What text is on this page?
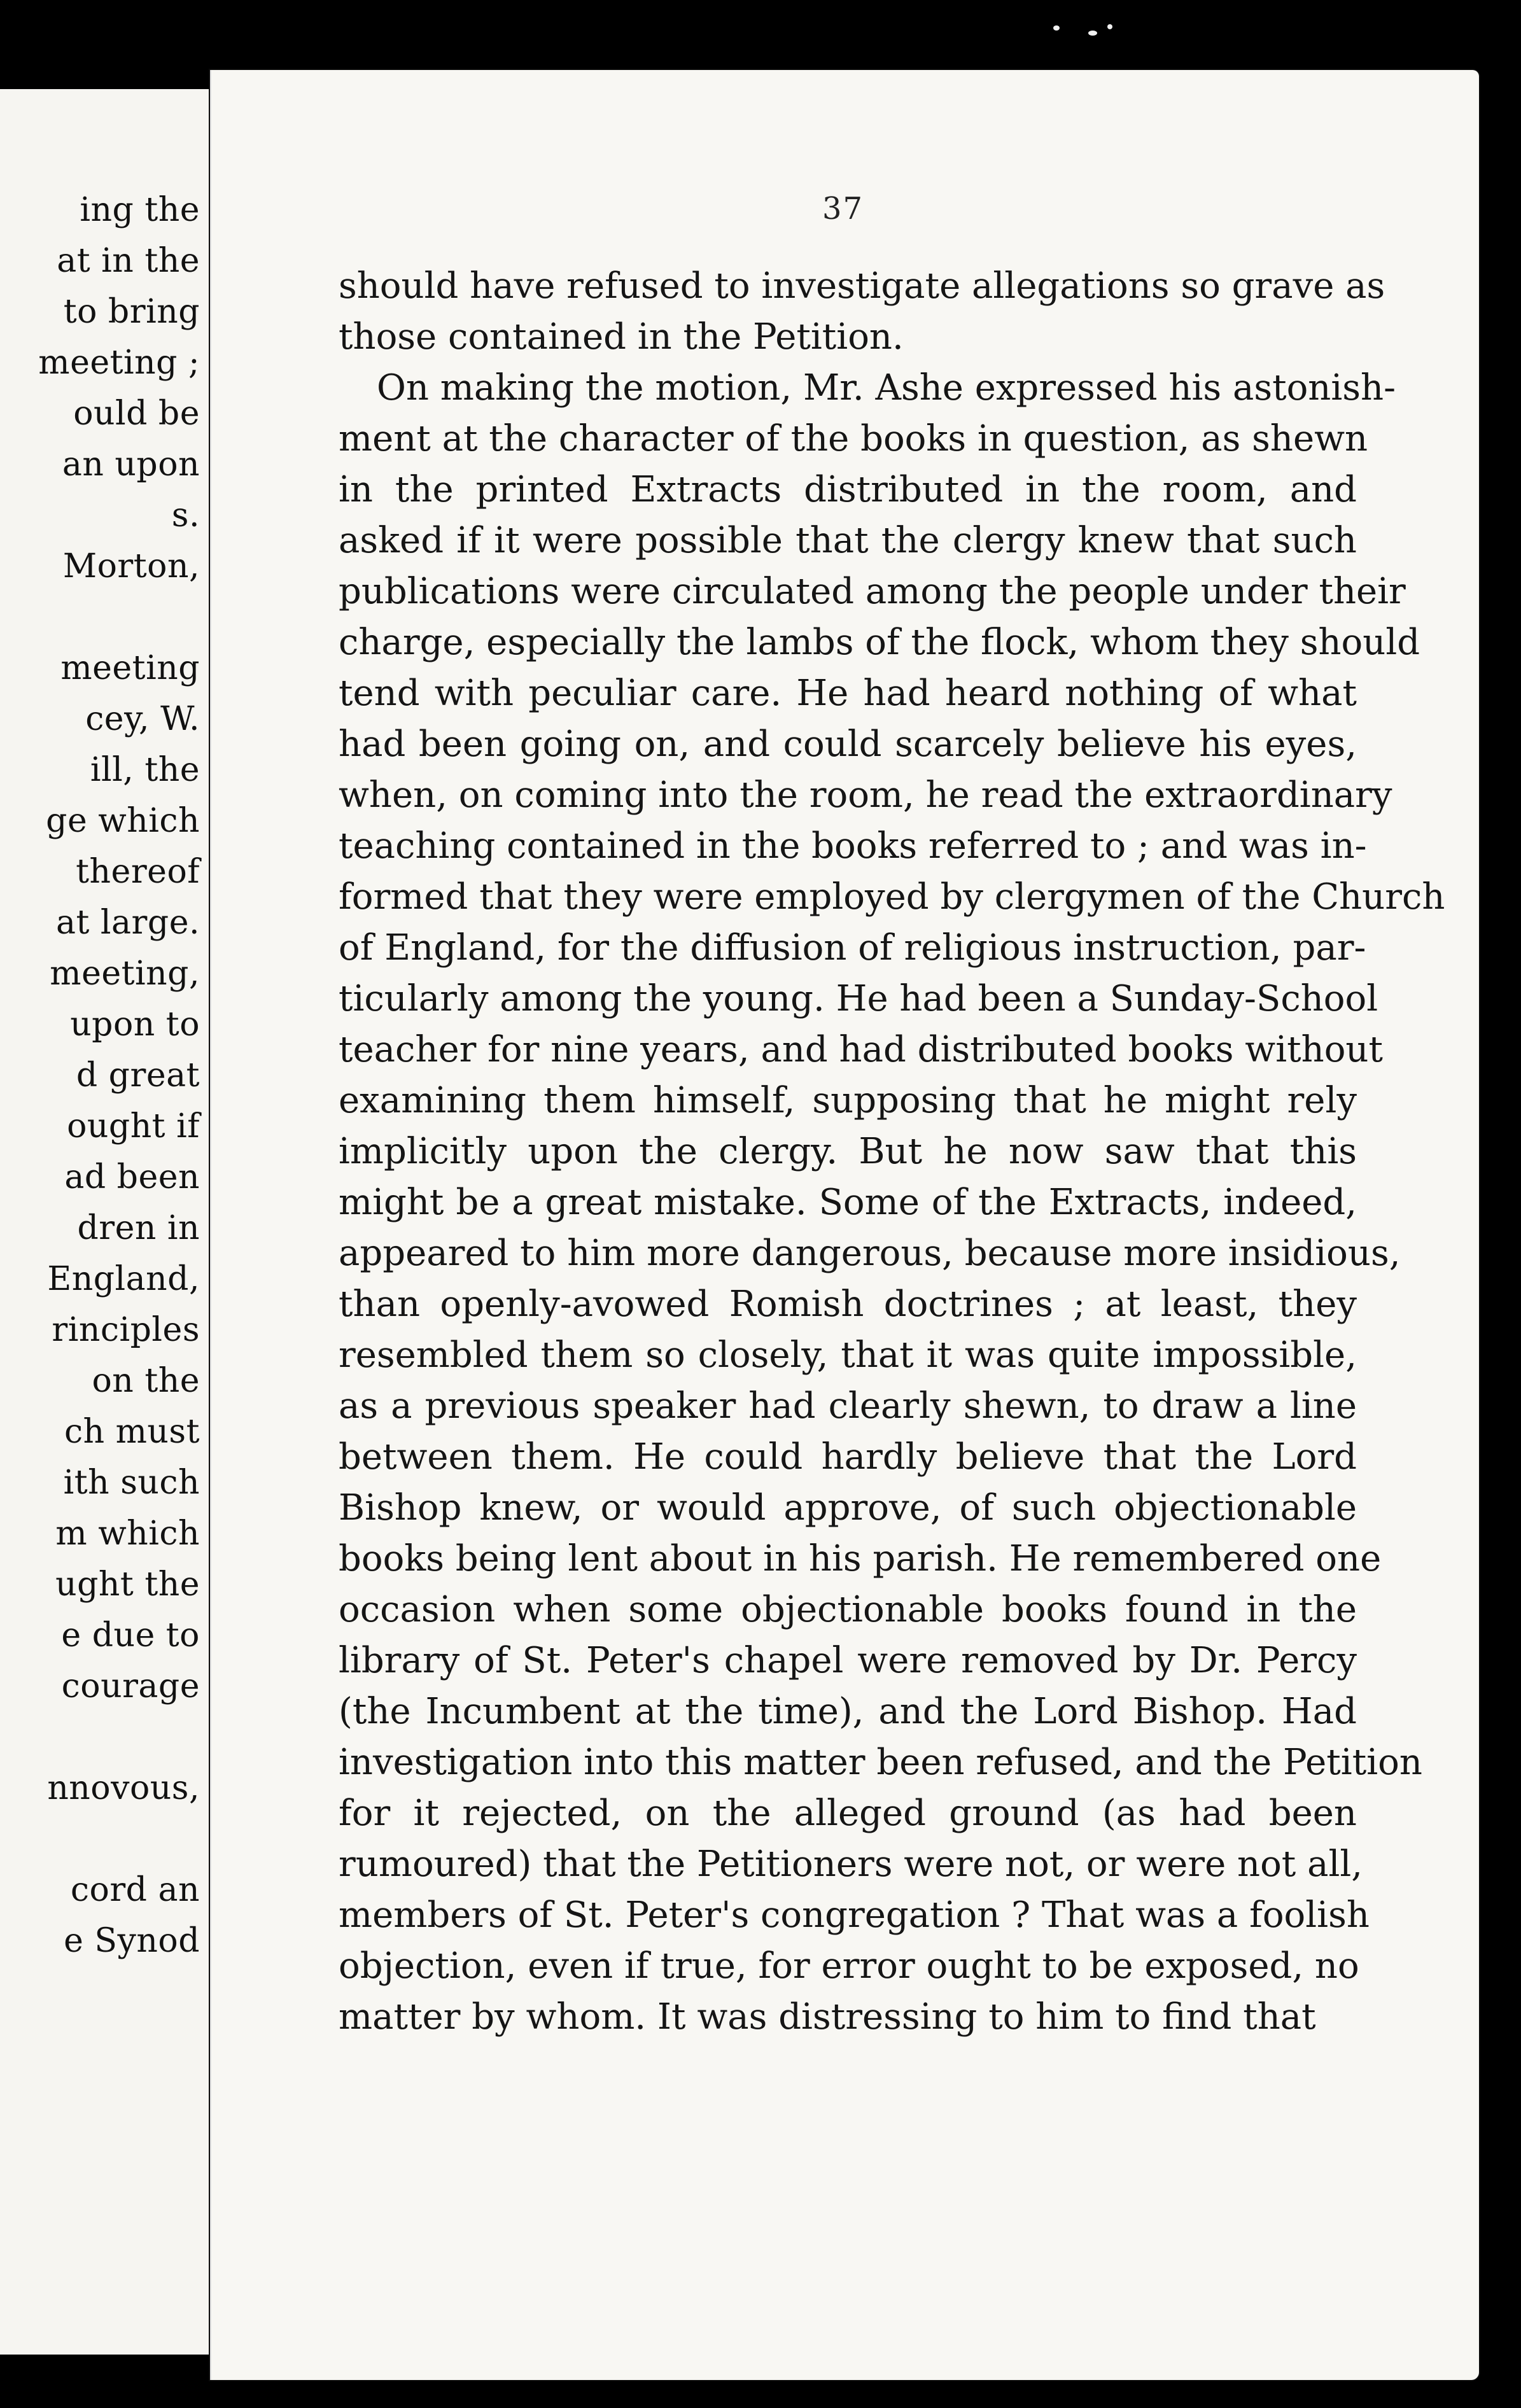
ing the
at in the
to bring
meeting ;
ould be
an upon
s.
Morton,
meeting
cey, W.
ill, the
ge which
thereof
at large.
meeting,
upon to
d great
ought if
ad been
dren in
England,
rinciples
on the
ch must
ith such
m which
ught the
e due to
courage
nnovous,
cord an
e Synod
37
should have refused to investigate allegations so grave as
those contained in the Petition.
On making the motion, Mr. Ashe expressed his astonish-
ment at the character of the books in question, as shewn
in the printed Extracts distributed in the room, and
asked if it were possible that the clergy knew that such
publications were circulated among the people under their
charge, especially the lambs of the flock, whom they should
tend with peculiar care. He had heard nothing of what
had been going on, and could scarcely believe his eyes,
when, on coming into the room, he read the extraordinary
teaching contained in the books referred to ; and was in-
formed that they were employed by clergymen of the Church
of England, for the diffusion of religious instruction, par-
ticularly among the young. He had been a Sunday-School
teacher for nine years, and had distributed books without
examining them himself, supposing that he might rely
implicitly upon the clergy. But he now saw that this
might be a great mistake. Some of the Extracts, indeed,
appeared to him more dangerous, because more insidious,
than openly-avowed Romish doctrines ; at least, they
resembled them so closely, that it was quite impossible,
as a previous speaker had clearly shewn, to draw a line
between them. He could hardly believe that the Lord
Bishop knew, or would approve, of such objectionable
books being lent about in his parish. He remembered one
occasion when some objectionable books found in the
library of St. Peter's chapel were removed by Dr. Percy
(the Incumbent at the time), and the Lord Bishop. Had
investigation into this matter been refused, and the Petition
for it rejected, on the alleged ground (as had been
rumoured) that the Petitioners were not, or were not all,
members of St. Peter's congregation ? That was a foolish
objection, even if true, for error ought to be exposed, no
matter by whom. It was distressing to him to find that
